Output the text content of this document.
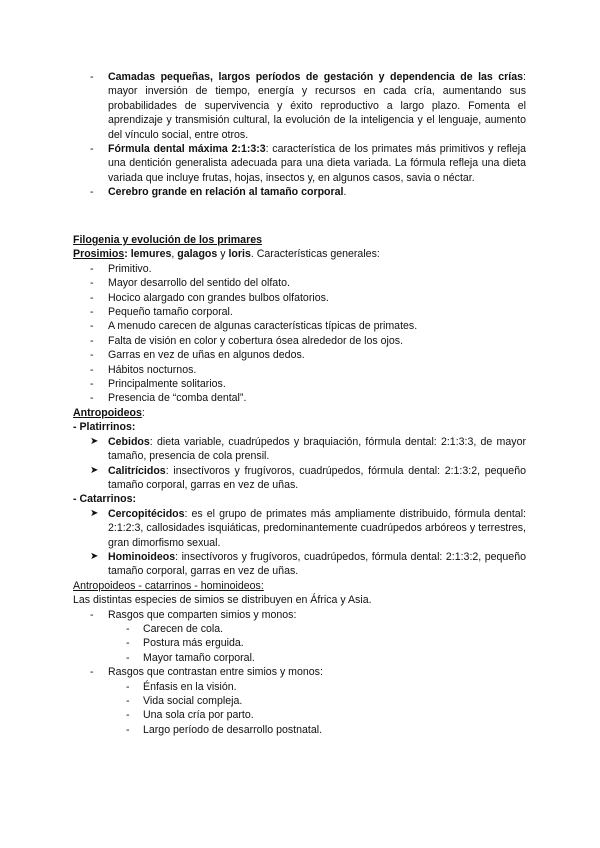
- Camadas pequeñas, largos períodos de gestación y dependencia de las crías: mayor inversión de tiempo, energía y recursos en cada cría, aumentando sus probabilidades de supervivencia y éxito reproductivo a largo plazo. Fomenta el aprendizaje y transmisión cultural, la evolución de la inteligencia y el lenguaje, aumento del vínculo social, entre otros.
- Fórmula dental máxima 2:1:3:3: característica de los primates más primitivos y refleja una dentición generalista adecuada para una dieta variada. La fórmula refleja una dieta variada que incluye frutas, hojas, insectos y, en algunos casos, savia o néctar.
- Cerebro grande en relación al tamaño corporal.
Filogenia y evolución de los primares
Prosimios: lemures, galagos y loris. Características generales:
- Primitivo.
- Mayor desarrollo del sentido del olfato.
- Hocico alargado con grandes bulbos olfatorios.
- Pequeño tamaño corporal.
- A menudo carecen de algunas características típicas de primates.
- Falta de visión en color y cobertura ósea alrededor de los ojos.
- Garras en vez de uñas en algunos dedos.
- Hábitos nocturnos.
- Principalmente solitarios.
- Presencia de “comba dental”.
Antropoideos:
- Platirrinos:
➤ Cebidos: dieta variable, cuadrúpedos y braquiación, fórmula dental: 2:1:3:3, de mayor tamaño, presencia de cola prensil.
➤ Calitrícidos: insectívoros y frugívoros, cuadrúpedos, fórmula dental: 2:1:3:2, pequeño tamaño corporal, garras en vez de uñas.
- Catarrinos:
➤ Cercopitécidos: es el grupo de primates más ampliamente distribuido, fórmula dental: 2:1:2:3, callosidades isquiáticas, predominantemente cuadrúpedos arbóreos y terrestres, gran dimorfismo sexual.
➤ Hominoideos: insectívoros y frugívoros, cuadrúpedos, fórmula dental: 2:1:3:2, pequeño tamaño corporal, garras en vez de uñas.
Antropoideos - catarrinos - hominoideos:
Las distintas especies de simios se distribuyen en África y Asia.
- Rasgos que comparten simios y monos:
- Carecen de cola.
- Postura más erguida.
- Mayor tamaño corporal.
- Rasgos que contrastan entre simios y monos:
- Énfasis en la visión.
- Vida social compleja.
- Una sola cría por parto.
- Largo período de desarrollo postnatal.
